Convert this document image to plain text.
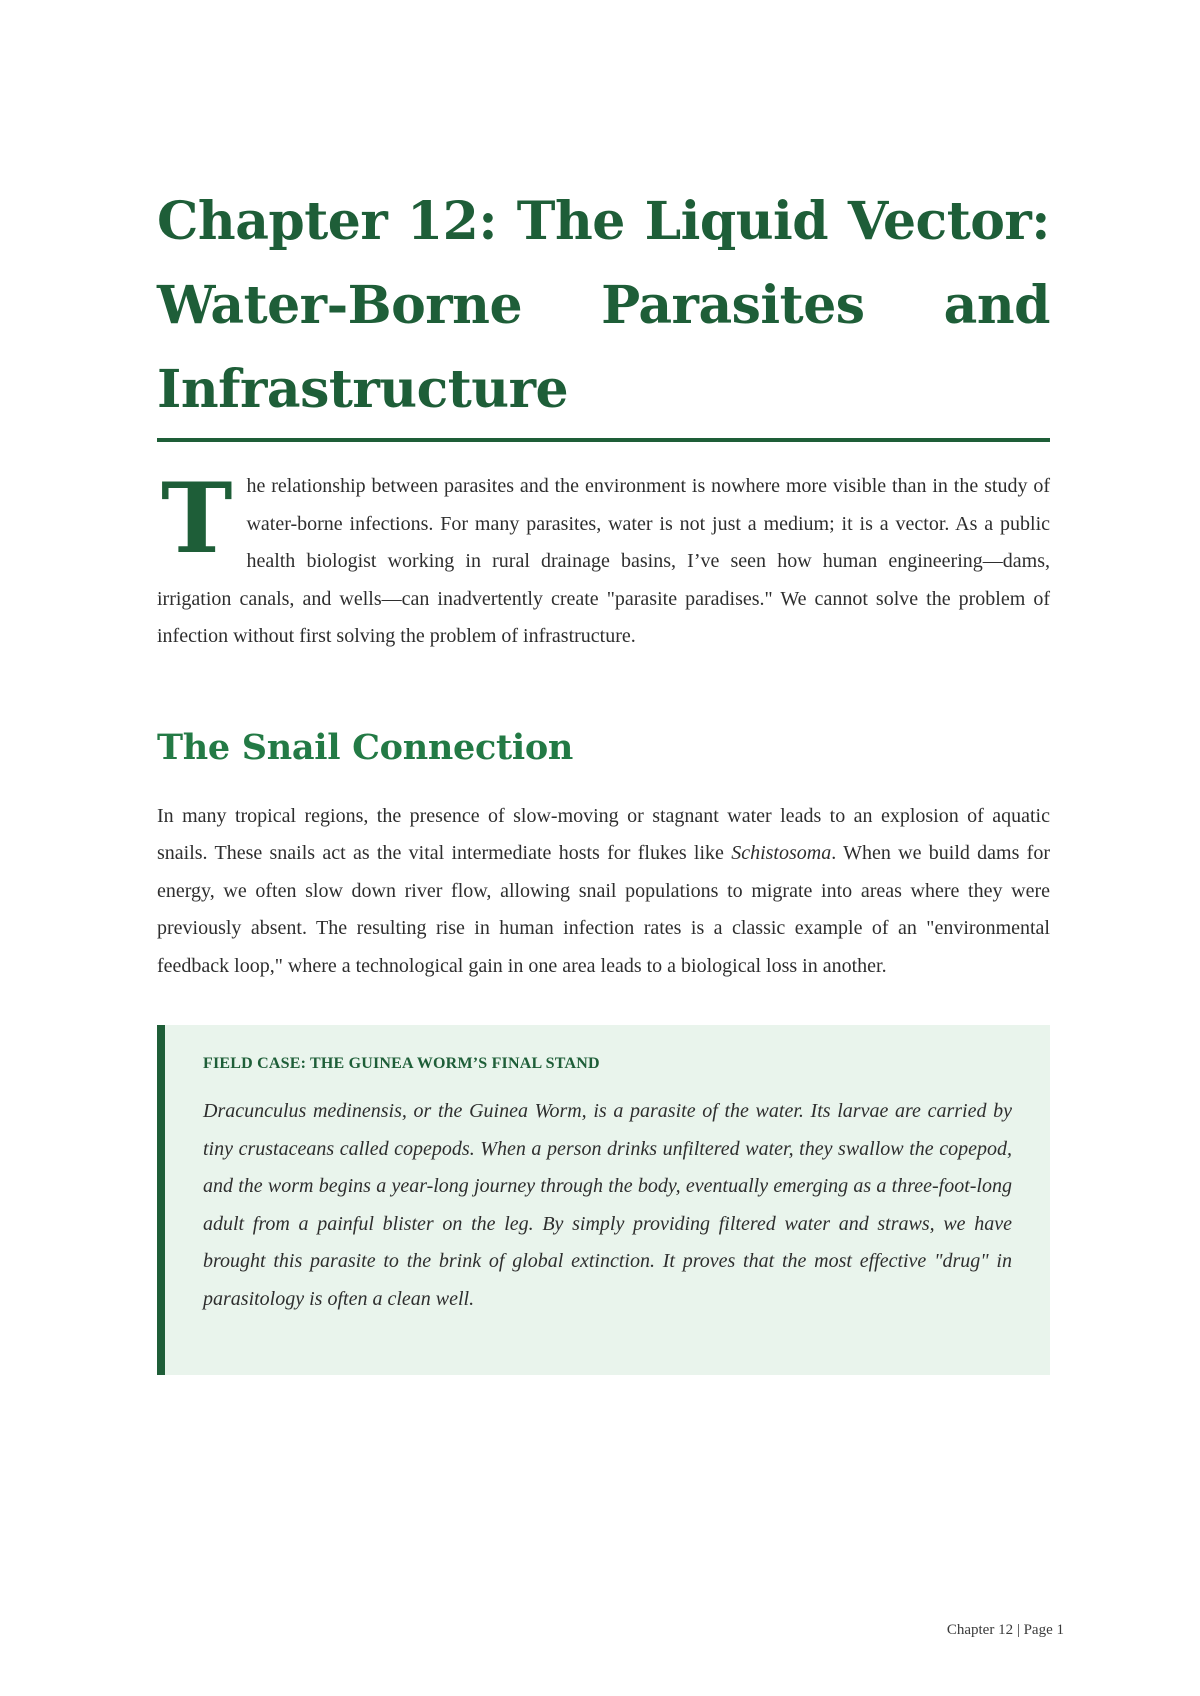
Chapter 12: The Liquid Vector: Water-Borne Parasites and Infrastructure

The relationship between parasites and the environment is nowhere more visible than in the study of water-borne infections. For many parasites, water is not just a medium; it is a vector. As a public health biologist working in rural drainage basins, I’ve seen how human engineering—dams, irrigation canals, and wells—can inadvertently create "parasite paradises." We cannot solve the problem of infection without first solving the problem of infrastructure.

The Snail Connection

In many tropical regions, the presence of slow-moving or stagnant water leads to an explosion of aquatic snails. These snails act as the vital intermediate hosts for flukes like Schistosoma. When we build dams for energy, we often slow down river flow, allowing snail populations to migrate into areas where they were previously absent. The resulting rise in human infection rates is a classic example of an "environmental feedback loop," where a technological gain in one area leads to a biological loss in another.

FIELD CASE: THE GUINEA WORM’S FINAL STAND

Dracunculus medinensis, or the Guinea Worm, is a parasite of the water. Its larvae are carried by tiny crustaceans called copepods. When a person drinks unfiltered water, they swallow the copepod, and the worm begins a year-long journey through the body, eventually emerging as a three-foot-long adult from a painful blister on the leg. By simply providing filtered water and straws, we have brought this parasite to the brink of global extinction. It proves that the most effective "drug" in parasitology is often a clean well.

Chapter 12 | Page 1
